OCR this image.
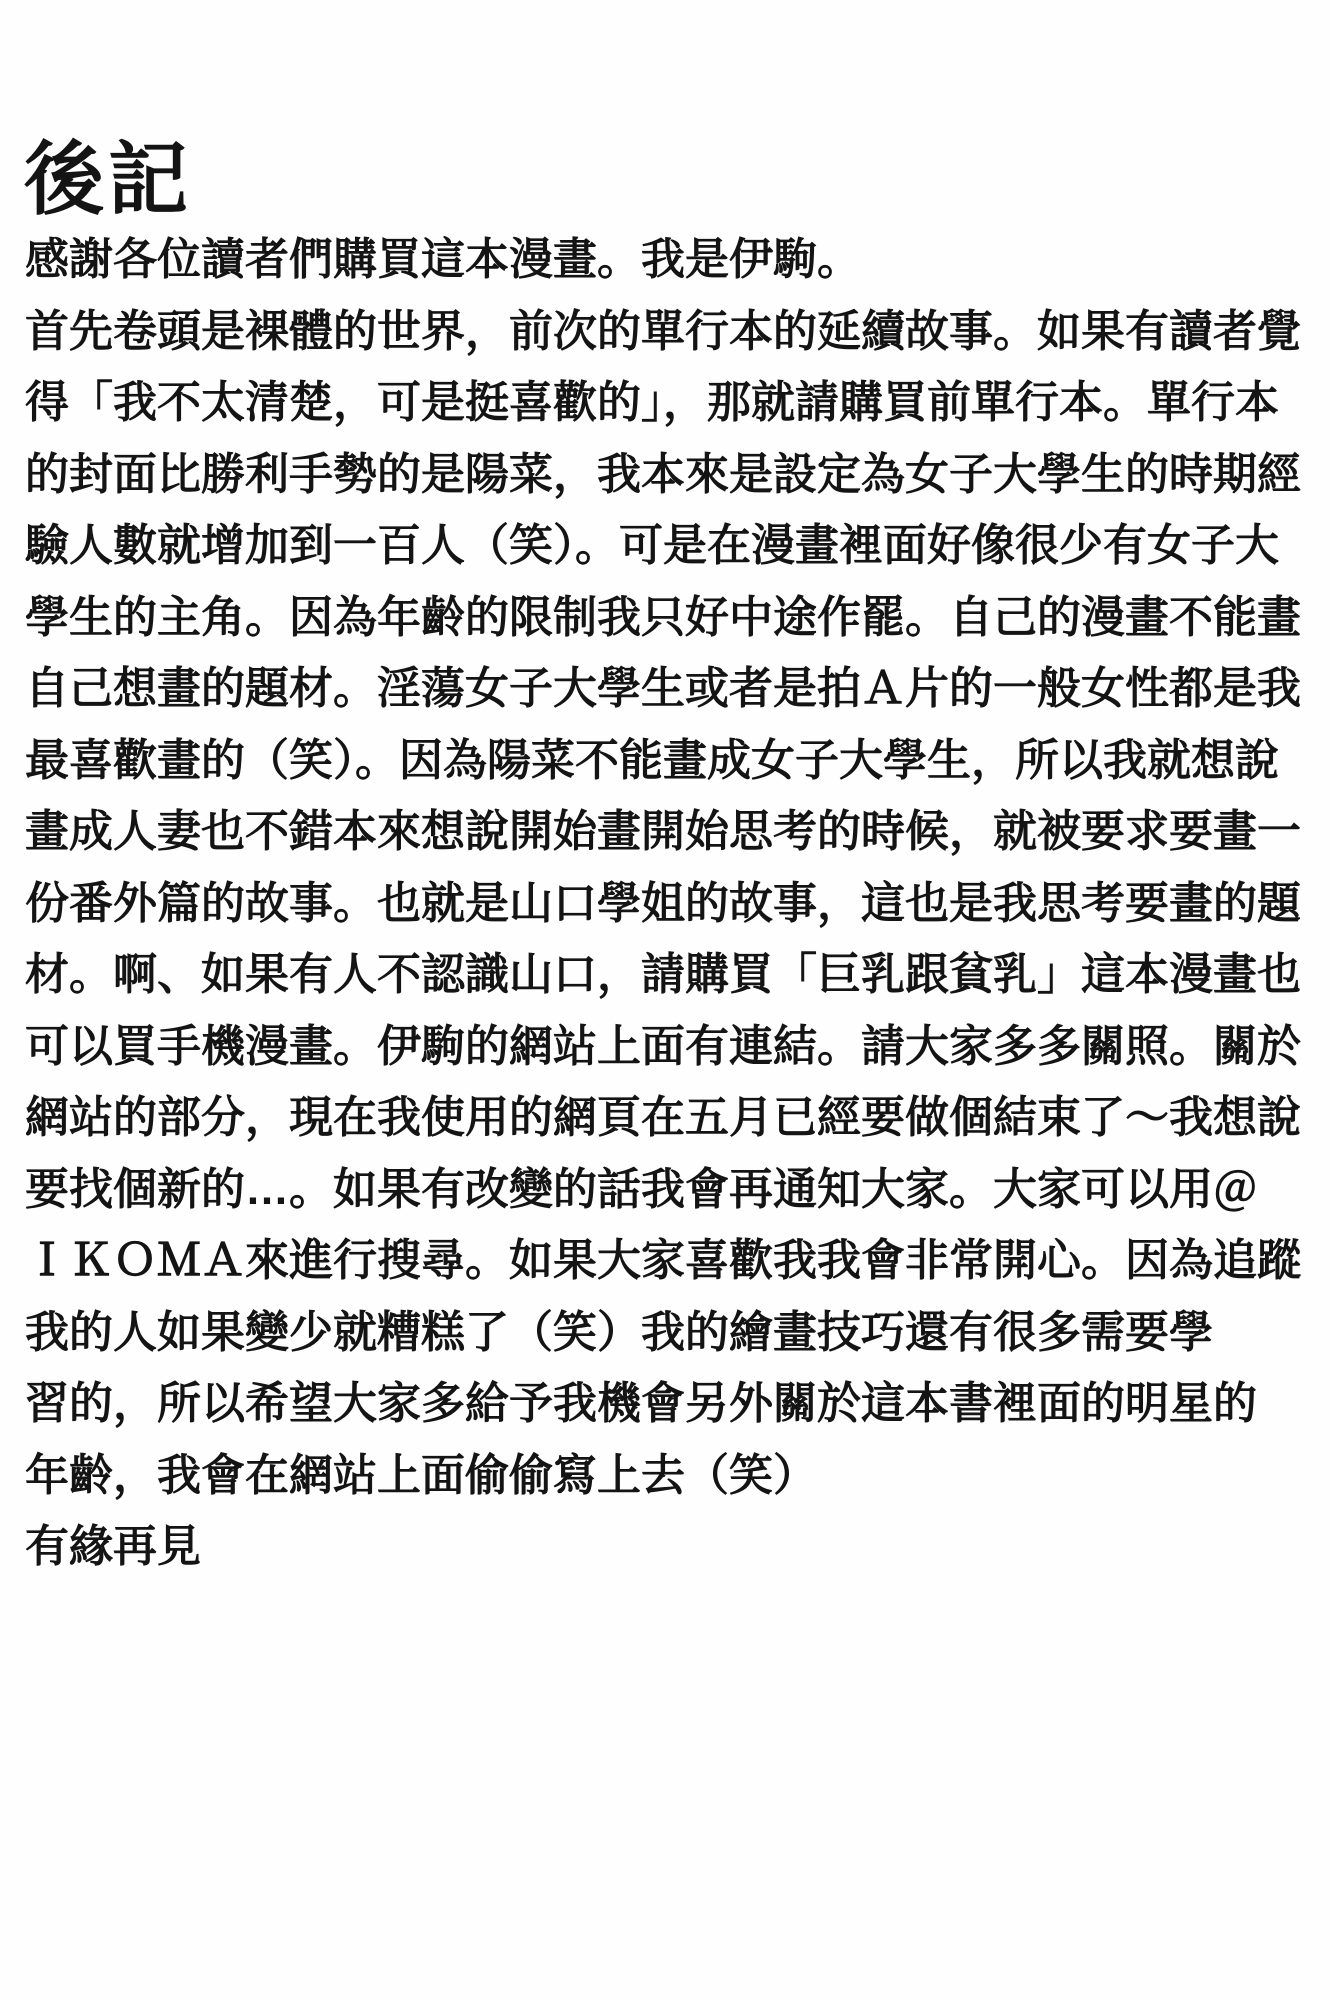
後記
感謝各位讀者們購買這本漫畫。我是伊駒。
首先卷頭是裸體的世界，前次的單行本的延續故事。如果有讀者覺
得「我不太清楚，可是挺喜歡的」，那就請購買前單行本。單行本
的封面比勝利手勢的是陽菜，我本來是設定為女子大學生的時期經
驗人數就增加到一百人（笑）。可是在漫畫裡面好像很少有女子大
學生的主角。因為年齡的限制我只好中途作罷。自己的漫畫不能畫
自己想畫的題材。淫蕩女子大學生或者是拍Ａ片的一般女性都是我
最喜歡畫的（笑）。因為陽菜不能畫成女子大學生，所以我就想說
畫成人妻也不錯本來想說開始畫開始思考的時候，就被要求要畫一
份番外篇的故事。也就是山口學姐的故事，這也是我思考要畫的題
材。啊、如果有人不認識山口，請購買「巨乳跟貧乳」這本漫畫也
可以買手機漫畫。伊駒的網站上面有連結。請大家多多關照。關於
網站的部分，現在我使用的網頁在五月已經要做個結束了～我想說
要找個新的…。如果有改變的話我會再通知大家。大家可以用＠
ＩＫＯＭＡ來進行搜尋。如果大家喜歡我我會非常開心。因為追蹤
我的人如果變少就糟糕了（笑）我的繪畫技巧還有很多需要學
習的，所以希望大家多給予我機會另外關於這本書裡面的明星的
年齡，我會在網站上面偷偷寫上去（笑）
有緣再見
